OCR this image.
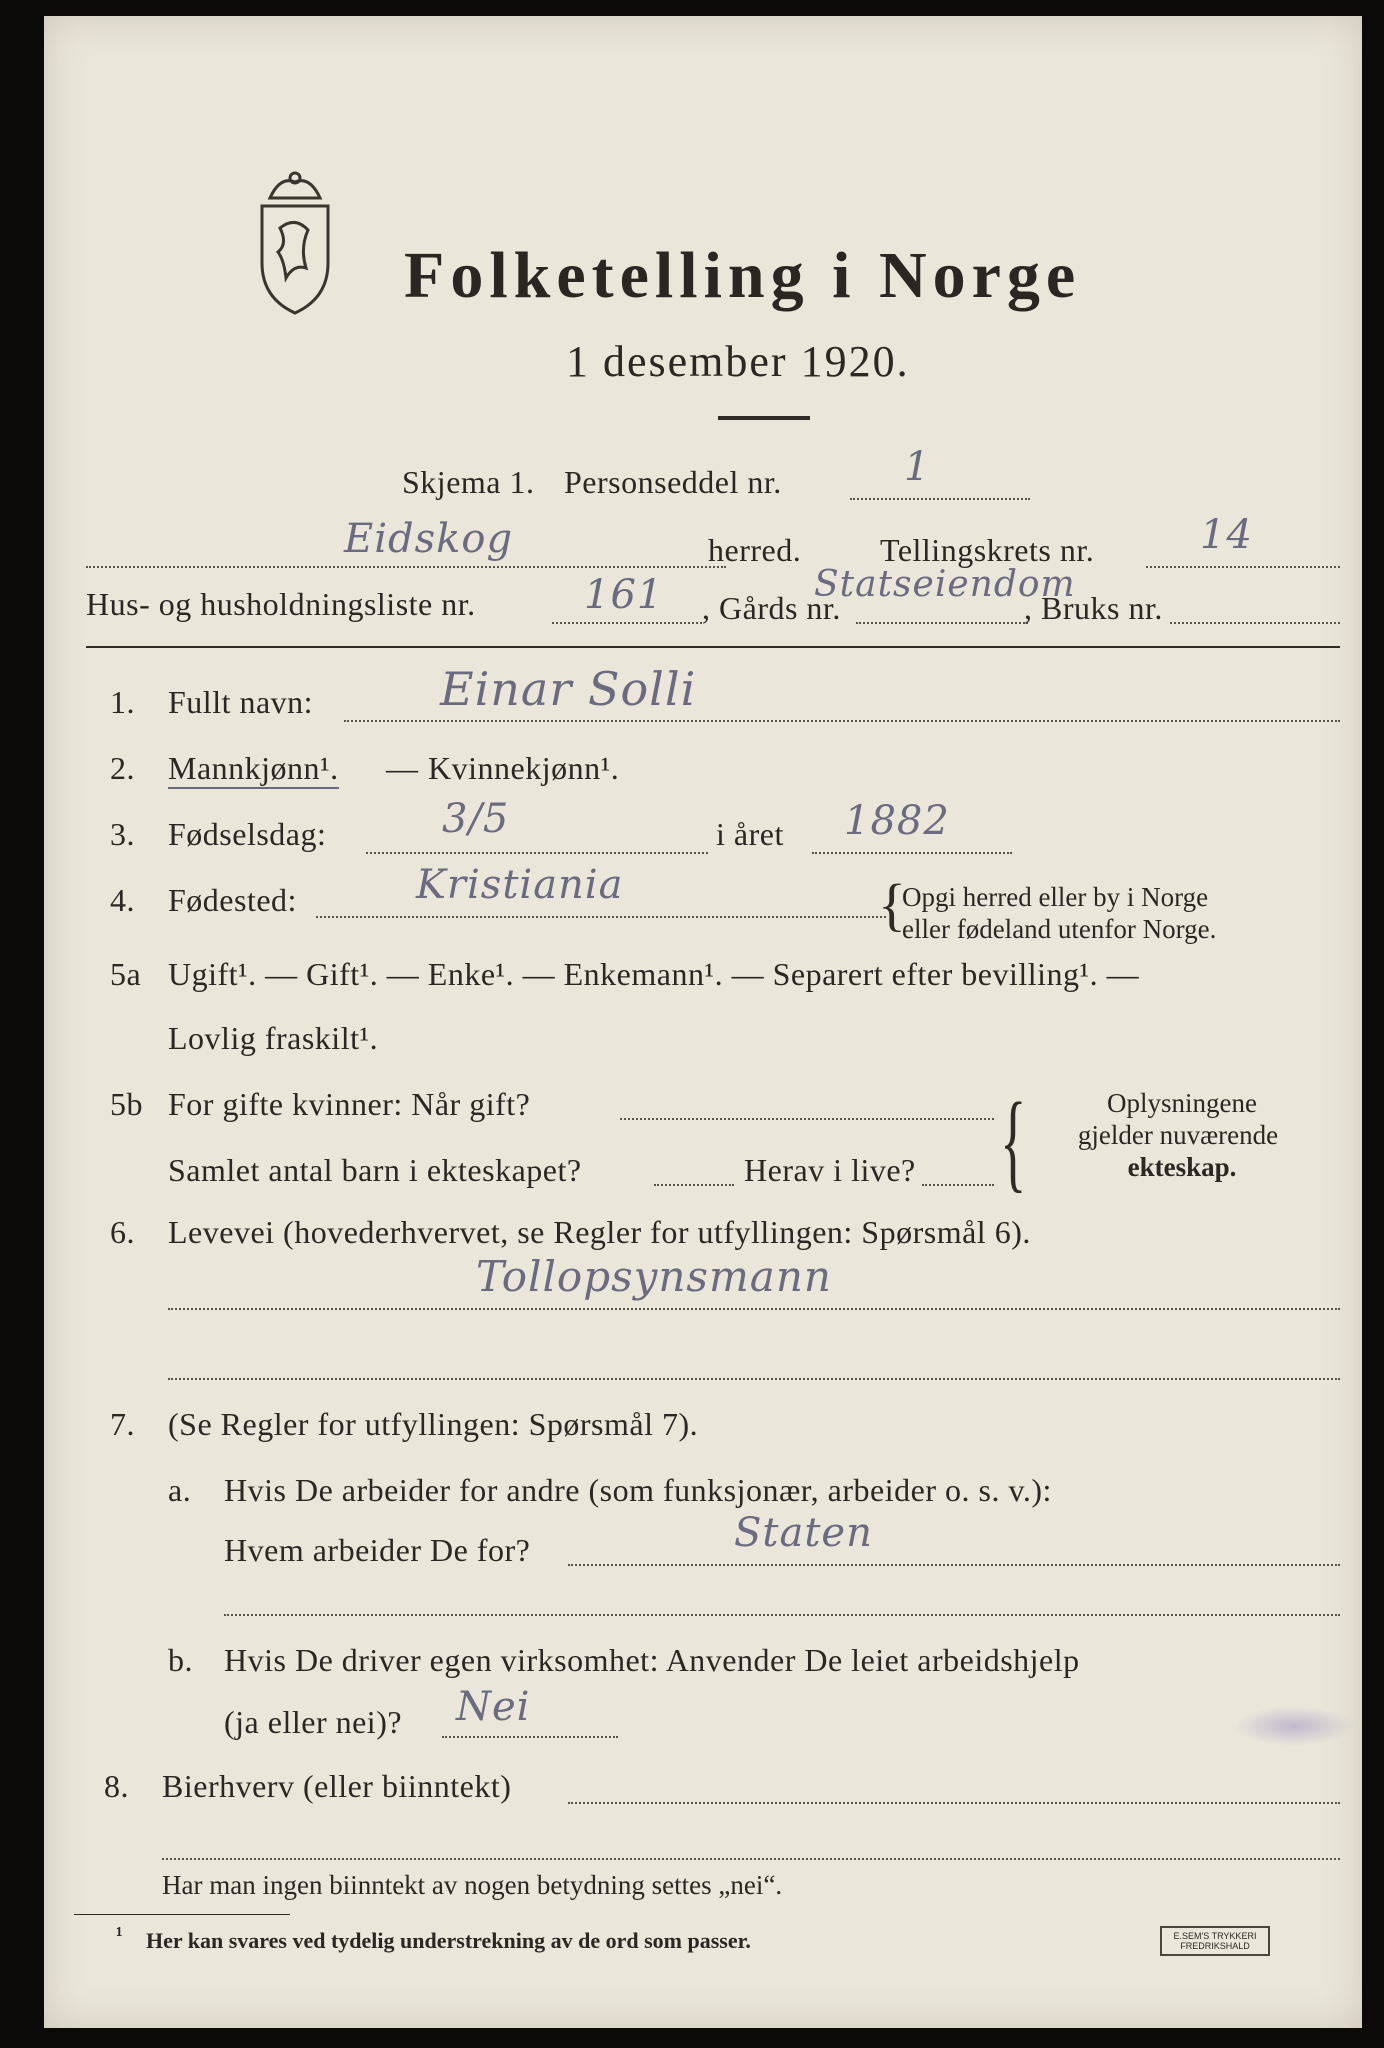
Folketelling i Norge
1 desember 1920.
Skjema 1. Personseddel nr.	1
Eidskog	herred. Tellingskrets nr.	14
Hus- og husholdningsliste nr.	161 , Gårds nr.
Statseiendom
, Bruks nr.
1. Fullt navn:	Einar Solli
2. Mannkjønn¹. — Kvinnekjønn¹.
3. Fødselsdag:	3/5	i året 1882
4. Fødested:	Kristiania	{
Opgi herred eller by i Norge
eller fødeland utenfor Norge.
5a Ugift¹. — Gift¹. — Enke¹. — Enkemann¹. — Separert efter bevilling¹. —
Lovlig fraskilt¹.
5b For gifte kvinner: Når gift?
Samlet antal barn i ekteskapet?	Herav i live? {	Oplysningene
gjelder nuværende
ekteskap.
6. Levevei (hovederhvervet, se Regler for utfyllingen: Spørsmål 6).
Tollopsynsmann
7. (Se Regler for utfyllingen: Spørsmål 7).
a. Hvis De arbeider for andre (som funksjonær, arbeider o. s. v.):
Hvem arbeider De for?	Staten
b. Hvis De driver egen virksomhet: Anvender De leiet arbeidshjelp
(ja eller nei)? Nei
8. Bierhverv (eller biinntekt)
Har man ingen biinntekt av nogen betydning settes „nei“.
¹ Her kan svares ved tydelig understrekning av de ord som passer.	E.SEM'S TRYKKERI FREDRIKSHALD
